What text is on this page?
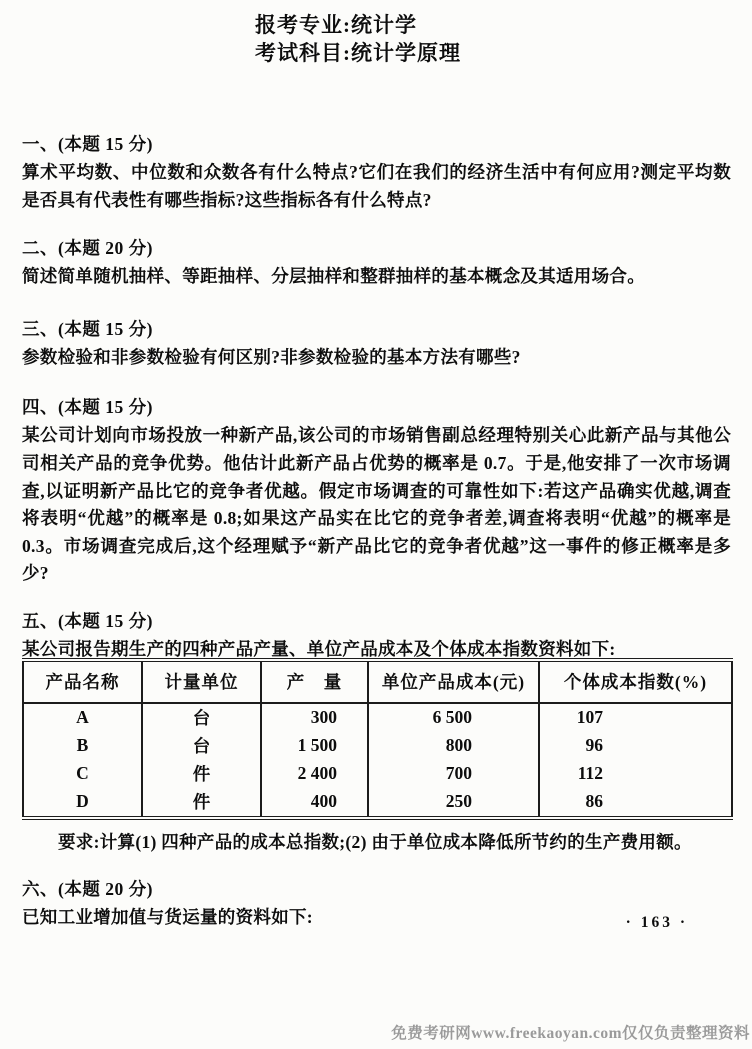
报考专业:统计学
考试科目:统计学原理
一、(本题 15 分)

算术平均数、中位数和众数各有什么特点?它们在我们的经济生活中有何应用?测定平均数是否具有代表性有哪些指标?这些指标各有什么特点?

二、(本题 20 分)

简述简单随机抽样、等距抽样、分层抽样和整群抽样的基本概念及其适用场合。

三、(本题 15 分)

参数检验和非参数检验有何区别?非参数检验的基本方法有哪些?

四、(本题 15 分)

某公司计划向市场投放一种新产品,该公司的市场销售副总经理特别关心此新产品与其他公 司相关产品的竞争优势。他估计此新产品占优势的概率是 0.7。于是,他安排了一次市场调查,以证明新产品比它的竞争者优越。假定市场调查的可靠性如下:若这产品确实优越,调查将表明“优越”的概率是 0.8;如果这产品实在比它的竞争者差,调查将表明“优越”的概率是 0.3。市场调查完成后,这个经理赋予“新产品比它的竞争者优越”这一事件的修正概率是多少?

五、(本题 15 分)

某公司报告期生产的四种产品产量、单位产品成本及个体成本指数资料如下:

产品名称	计量单位	产　量	单位产品成本(元)	个体成本指数(%)
A	台	300	6 500	107
B	台	1 500	800	96
C	件	2 400	700	112
D	件	400	250	86

要求:计算(1) 四种产品的成本总指数;(2) 由于单位成本降低所节约的生产费用额。

六、(本题 20 分)

已知工业增加值与货运量的资料如下:	· 163 ·
免费考研网www.freekaoyan.com仅仅负责整理资料
